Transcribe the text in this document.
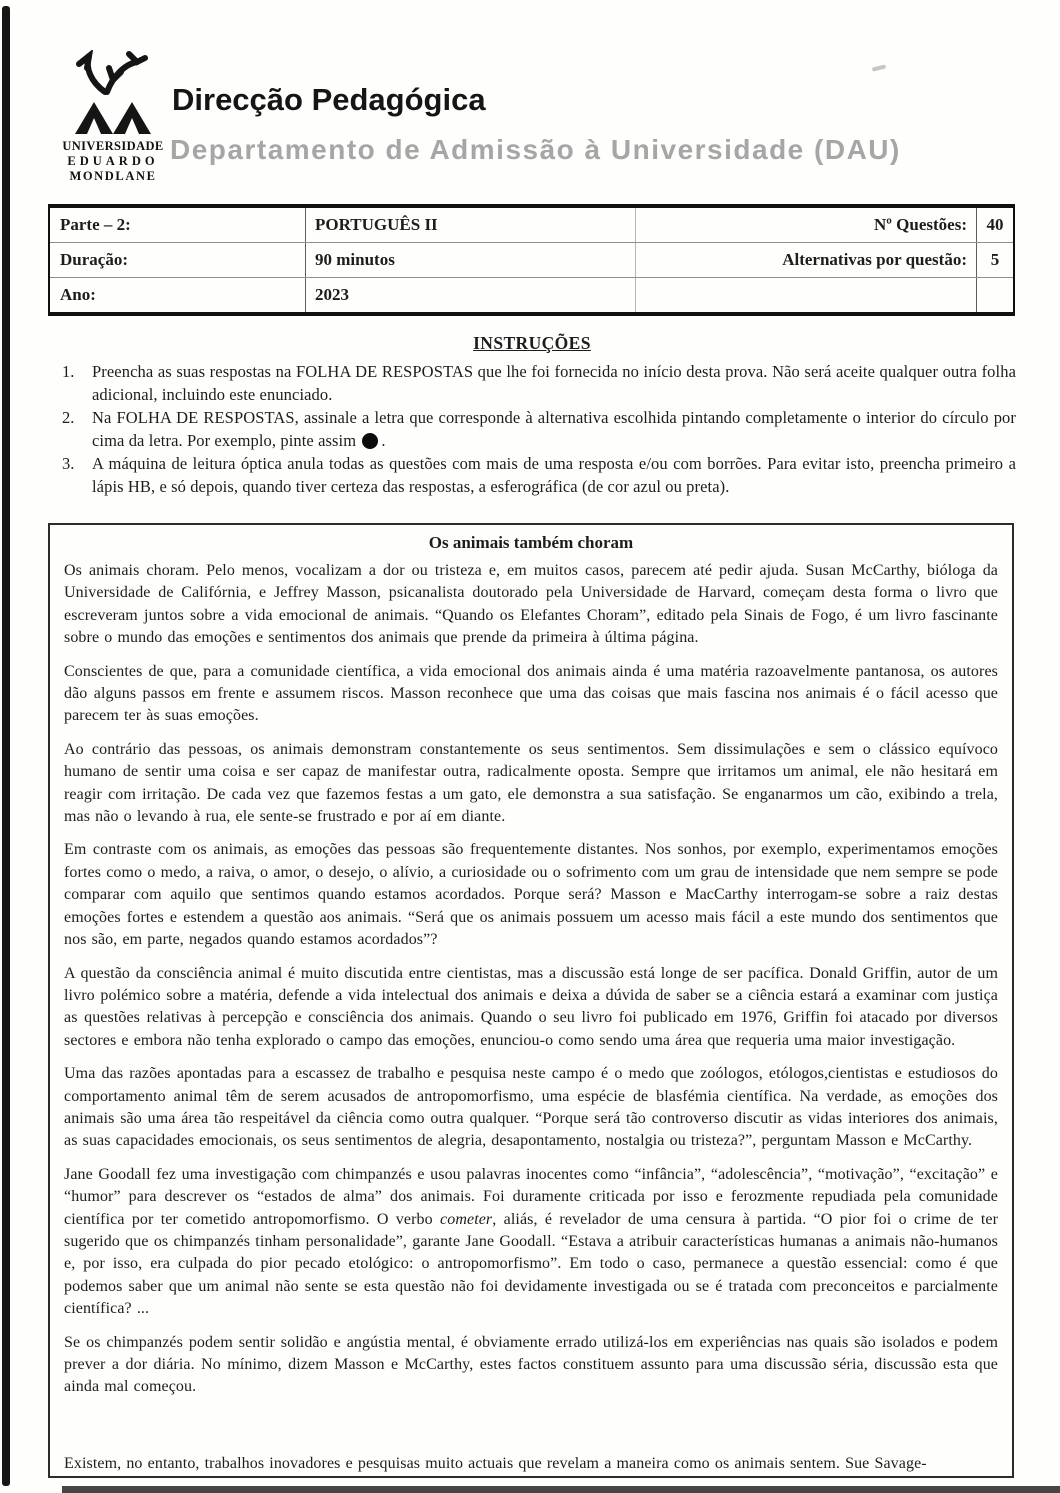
UNIVERSIDADE
EDUARDO
MONDLANE
Direcção Pedagógica
Departamento de Admissão à Universidade (DAU)
Parte – 2:	PORTUGUÊS II	Nº Questões:	40
Duração:	90 minutos	Alternativas por questão:	5
Ano:	2023
INSTRUÇÕES
1.	Preencha as suas respostas na FOLHA DE RESPOSTAS que lhe foi fornecida no início desta prova. Não será aceite qualquer outra folha adicional, incluindo este enunciado.
2.	Na FOLHA DE RESPOSTAS, assinale a letra que corresponde à alternativa escolhida pintando completamente o interior do círculo por cima da letra. Por exemplo, pinte assim .
3.	A máquina de leitura óptica anula todas as questões com mais de uma resposta e/ou com borrões. Para evitar isto, preencha primeiro a lápis HB, e só depois, quando tiver certeza das respostas, a esferográfica (de cor azul ou preta).
Os animais também choram

Os animais choram. Pelo menos, vocalizam a dor ou tristeza e, em muitos casos, parecem até pedir ajuda. Susan McCarthy, bióloga da Universidade de Califórnia, e Jeffrey Masson, psicanalista doutorado pela Universidade de Harvard, começam desta forma o livro que escreveram juntos sobre a vida emocional de animais. “Quando os Elefantes Choram”, editado pela Sinais de Fogo, é um livro fascinante sobre o mundo das emoções e sentimentos dos animais que prende da primeira à última página.

Conscientes de que, para a comunidade científica, a vida emocional dos animais ainda é uma matéria razoavelmente pantanosa, os autores dão alguns passos em frente e assumem riscos. Masson reconhece que uma das coisas que mais fascina nos animais é o fácil acesso que parecem ter às suas emoções.

Ao contrário das pessoas, os animais demonstram constantemente os seus sentimentos. Sem dissimulações e sem o clássico equívoco humano de sentir uma coisa e ser capaz de manifestar outra, radicalmente oposta. Sempre que irritamos um animal, ele não hesitará em reagir com irritação. De cada vez que fazemos festas a um gato, ele demonstra a sua satisfação. Se enganarmos um cão, exibindo a trela, mas não o levando à rua, ele sente-se frustrado e por aí em diante.

Em contraste com os animais, as emoções das pessoas são frequentemente distantes. Nos sonhos, por exemplo, experimentamos emoções fortes como o medo, a raiva, o amor, o desejo, o alívio, a curiosidade ou o sofrimento com um grau de intensidade que nem sempre se pode comparar com aquilo que sentimos quando estamos acordados. Porque será? Masson e MacCarthy interrogam-se sobre a raiz destas emoções fortes e estendem a questão aos animais. “Será que os animais possuem um acesso mais fácil a este mundo dos sentimentos que nos são, em parte, negados quando estamos acordados”?

A questão da consciência animal é muito discutida entre cientistas, mas a discussão está longe de ser pacífica. Donald Griffin, autor de um livro polémico sobre a matéria, defende a vida intelectual dos animais e deixa a dúvida de saber se a ciência estará a examinar com justiça as questões relativas à percepção e consciência dos animais. Quando o seu livro foi publicado em 1976, Griffin foi atacado por diversos sectores e embora não tenha explorado o campo das emoções, enunciou-o como sendo uma área que requeria uma maior investigação.

Uma das razões apontadas para a escassez de trabalho e pesquisa neste campo é o medo que zoólogos, etólogos,cientistas e estudiosos do comportamento animal têm de serem acusados de antropomorfismo, uma espécie de blasfémia científica. Na verdade, as emoções dos animais são uma área tão respeitável da ciência como outra qualquer. “Porque será tão controverso discutir as vidas interiores dos animais, as suas capacidades emocionais, os seus sentimentos de alegria, desapontamento, nostalgia ou tristeza?”, perguntam Masson e McCarthy.

Jane Goodall fez uma investigação com chimpanzés e usou palavras inocentes como “infância”, “adolescência”, “motivação”, “excitação” e “humor” para descrever os “estados de alma” dos animais. Foi duramente criticada por isso e ferozmente repudiada pela comunidade científica por ter cometido antropomorfismo. O verbo cometer, aliás, é revelador de uma censura à partida. “O pior foi o crime de ter sugerido que os chimpanzés tinham personalidade”, garante Jane Goodall. “Estava a atribuir características humanas a animais não-humanos e, por isso, era culpada do pior pecado etológico: o antropomorfismo”. Em todo o caso, permanece a questão essencial: como é que podemos saber que um animal não sente se esta questão não foi devidamente investigada ou se é tratada com preconceitos e parcialmente científica? ...

Se os chimpanzés podem sentir solidão e angústia mental, é obviamente errado utilizá-los em experiências nas quais são isolados e podem prever a dor diária. No mínimo, dizem Masson e McCarthy, estes factos constituem assunto para uma discussão séria, discussão esta que ainda mal começou.

Existem, no entanto, trabalhos inovadores e pesquisas muito actuais que revelam a maneira como os animais sentem. Sue Savage-
